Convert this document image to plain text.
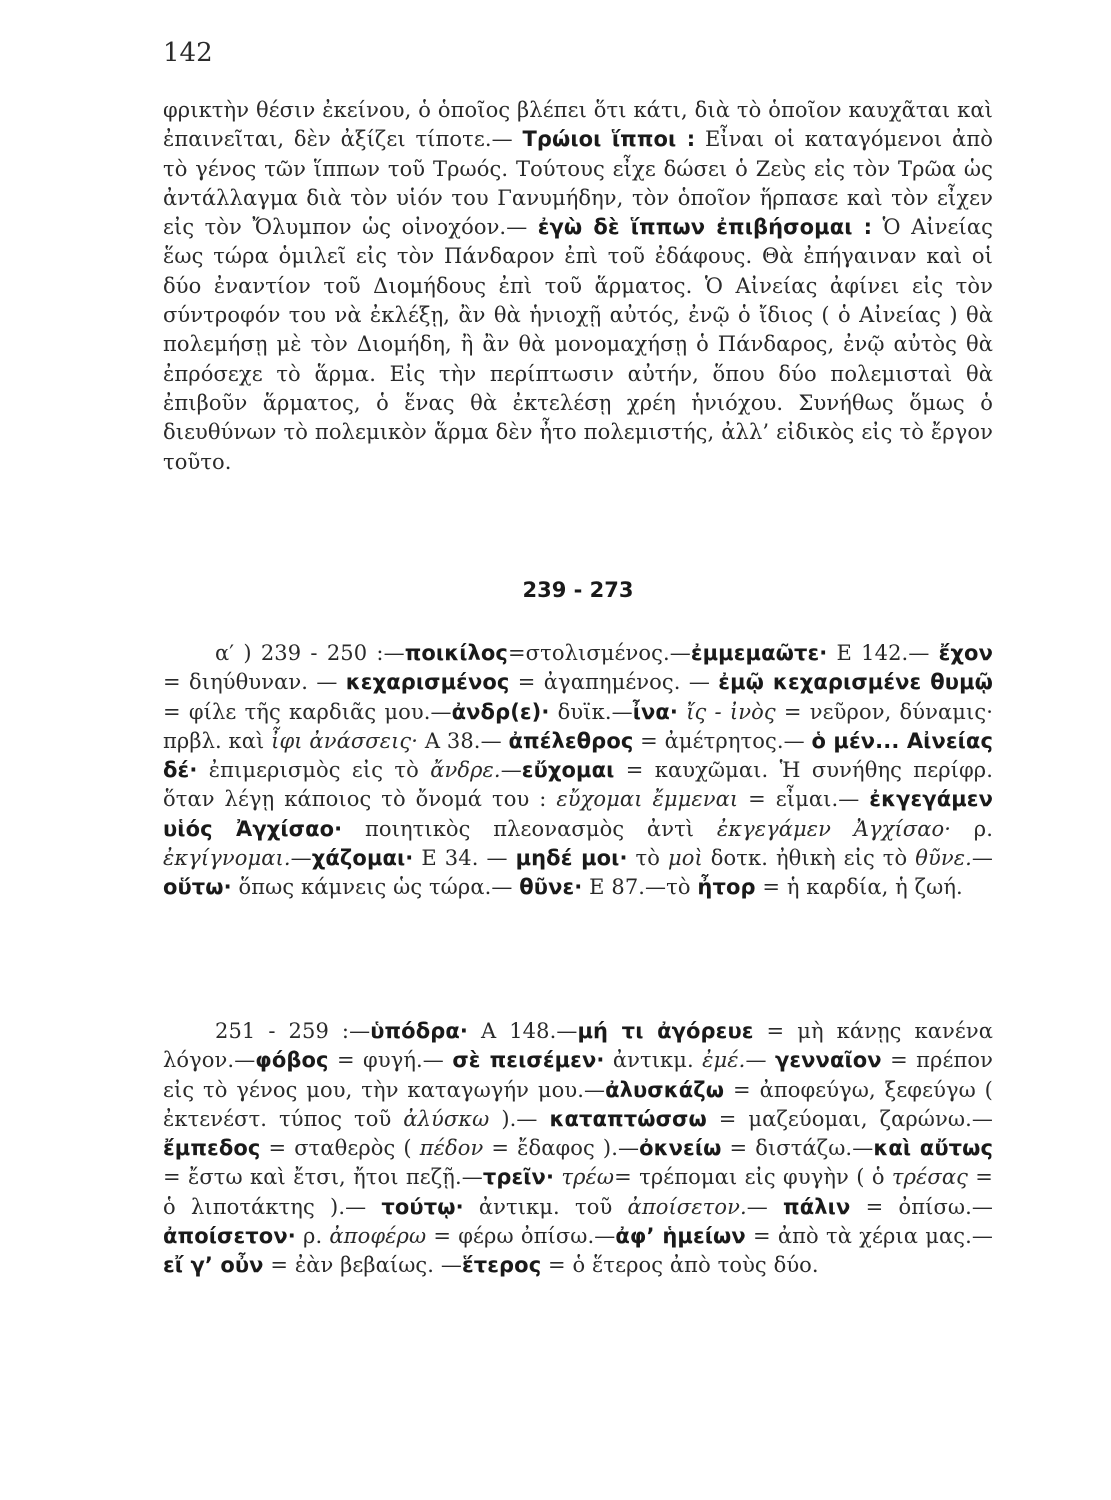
142

φρικτὴν θέσιν ἐκείνου, ὁ ὁποῖος βλέπει ὅτι κάτι, διὰ τὸ ὁποῖον καυχᾶται καὶ ἐπαινεῖται, δὲν ἀξίζει τίποτε.— Τρώιοι ἵπποι : Εἶναι οἱ καταγόμενοι ἀπὸ τὸ γένος τῶν ἵππων τοῦ Τρωός. Τούτους εἶχε δώσει ὁ Ζεὺς εἰς τὸν Τρῶα ὡς ἀντάλλαγμα διὰ τὸν υἱόν του Γανυμήδην, τὸν ὁποῖον ἥρπασε καὶ τὸν εἶχεν εἰς τὸν Ὄλυμπον ὡς οἰνοχόον.— ἐγὼ δὲ ἵππων ἐπιβήσομαι : Ὁ Αἰνείας ἕως τώρα ὁμιλεῖ εἰς τὸν Πάνδαρον ἐπὶ τοῦ ἐδάφους. Θὰ ἐπήγαιναν καὶ οἱ δύο ἐναντίον τοῦ Διομήδους ἐπὶ τοῦ ἅρματος. Ὁ Αἰνείας ἀφίνει εἰς τὸν σύντροφόν του νὰ ἐκλέξῃ, ἂν θὰ ἡνιοχῇ αὐτός, ἐνῷ ὁ ἴδιος ( ὁ Αἰνείας ) θὰ πολεμήσῃ μὲ τὸν Διομήδη, ἢ ἂν θὰ μονομαχήσῃ ὁ Πάνδαρος, ἐνῷ αὐτὸς θὰ ἐπρόσεχε τὸ ἅρμα. Εἰς τὴν περίπτωσιν αὐτήν, ὅπου δύο πολεμισταὶ θὰ ἐπιβοῦν ἅρματος, ὁ ἕνας θὰ ἐκτελέσῃ χρέη ἡνιόχου. Συνήθως ὅμως ὁ διευθύνων τὸ πολεμικὸν ἅρμα δὲν ἦτο πολεμιστής, ἀλλ’ εἰδικὸς εἰς τὸ ἔργον τοῦτο.

239 - 273

α′ ) 239 - 250 :—ποικίλος=στολισμένος.—ἐμμεμαῶτε· Ε 142.— ἔχον = διηύθυναν. — κεχαρισμένος = ἀγαπημένος. — ἐμῷ κεχαρισμένε θυμῷ = φίλε τῆς καρδιᾶς μου.—ἀνδρ(ε)· δυϊκ.—ἶνα· ἴς - ἰνὸς = νεῦρον, δύναμις· πρβλ. καὶ ἶφι ἀνάσσεις· Α 38.— ἀπέλεθρος = ἀμέτρητος.— ὁ μέν... Αἰνείας δέ· ἐπιμερισμὸς εἰς τὸ ἄνδρε.—εὔχομαι = καυχῶμαι. Ἡ συνήθης περίφρ. ὅταν λέγῃ κάποιος τὸ ὄνομά του : εὔχομαι ἔμμεναι = εἶμαι.— ἐκγεγάμεν υἱός Ἀγχίσαο· ποιητικὸς πλεονασμὸς ἀντὶ ἐκγεγάμεν Ἀγχίσαο· ρ. ἐκγίγνομαι.—χάζομαι· Ε 34. — μηδέ μοι· τὸ μοὶ δοτκ. ἠθικὴ εἰς τὸ θῦνε.—οὕτω· ὅπως κάμνεις ὡς τώρα.— θῦνε· Ε 87.—τὸ ἦτορ = ἡ καρδία, ἡ ζωή.

251 - 259 :—ὑπόδρα· Α 148.—μή τι ἀγόρευε = μὴ κάνῃς κανένα λόγον.—φόβος = φυγή.— σὲ πεισέμεν· ἀντικμ. ἐμέ.— γενναῖον = πρέπον εἰς τὸ γένος μου, τὴν καταγωγήν μου.—ἀλυσκάζω = ἀποφεύγω, ξεφεύγω ( ἐκτενέστ. τύπος τοῦ ἀλύσκω ).— καταπτώσσω = μαζεύομαι, ζαρώνω.—ἔμπεδος = σταθερὸς ( πέδον = ἔδαφος ).—ὀκνείω = διστάζω.—καὶ αὔτως = ἔστω καὶ ἔτσι, ἤτοι πεζῇ.—τρεῖν· τρέω= τρέπομαι εἰς φυγὴν ( ὁ τρέσας = ὁ λιποτάκτης ).— τούτῳ· ἀντικμ. τοῦ ἀποίσετον.— πάλιν = ὀπίσω.— ἀποίσετον· ρ. ἀποφέρω = φέρω ὀπίσω.—ἀφ’ ἡμείων = ἀπὸ τὰ χέρια μας.— εἴ γ’ οὖν = ἐὰν βεβαίως. —ἕτερος = ὁ ἕτερος ἀπὸ τοὺς δύο.
